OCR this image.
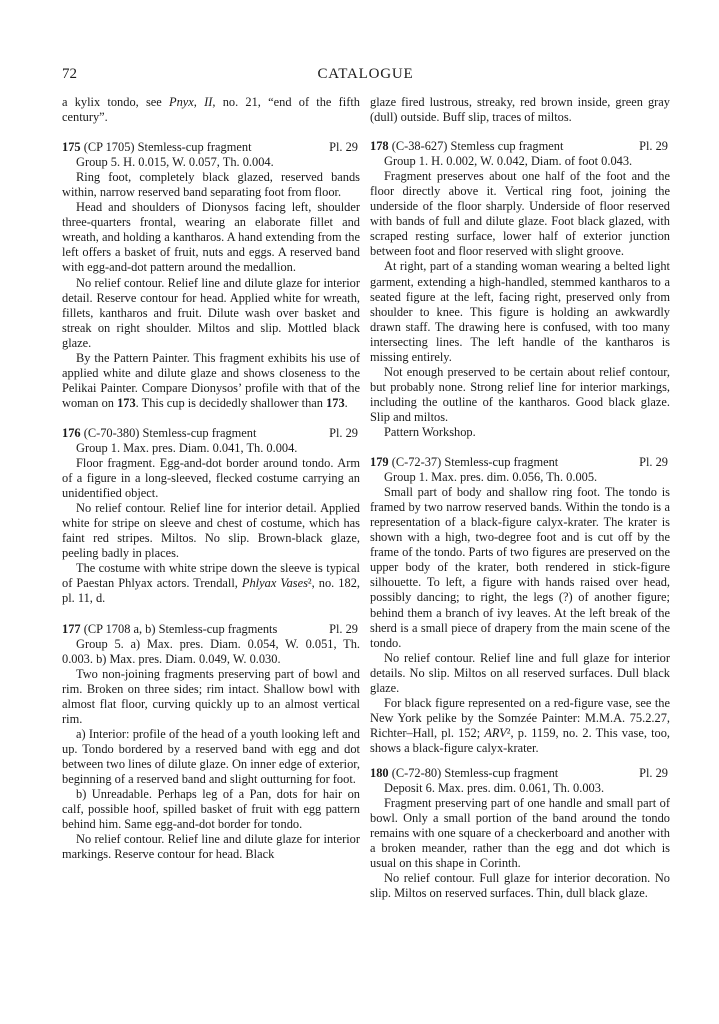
72	CATALOGUE

a kylix tondo, see Pnyx, II, no. 21, “end of the fifth century”.

175 (CP 1705) Stemless-cup fragment	Pl. 29

Group 5. H. 0.015, W. 0.057, Th. 0.004.

Ring foot, completely black glazed, reserved bands within, narrow reserved band separating foot from floor.

Head and shoulders of Dionysos facing left, shoulder three-quarters frontal, wearing an elaborate fillet and wreath, and holding a kantharos. A hand extending from the left offers a basket of fruit, nuts and eggs. A reserved band with egg-and-dot pattern around the medallion.

No relief contour. Relief line and dilute glaze for interior detail. Reserve contour for head. Applied white for wreath, fillets, kantharos and fruit. Dilute wash over basket and streak on right shoulder. Miltos and slip. Mottled black glaze.

By the Pattern Painter. This fragment exhibits his use of applied white and dilute glaze and shows closeness to the Pelikai Painter. Compare Dionysos’ profile with that of the woman on 173. This cup is decidedly shallower than 173.

176 (C-70-380) Stemless-cup fragment	Pl. 29

Group 1. Max. pres. Diam. 0.041, Th. 0.004.

Floor fragment. Egg-and-dot border around tondo. Arm of a figure in a long-sleeved, flecked costume carrying an unidentified object.

No relief contour. Relief line for interior detail. Applied white for stripe on sleeve and chest of costume, which has faint red stripes. Miltos. No slip. Brown-black glaze, peeling badly in places.

The costume with white stripe down the sleeve is typical of Paestan Phlyax actors. Trendall, Phlyax Vases², no. 182, pl. 11, d.

177 (CP 1708 a, b) Stemless-cup fragments	Pl. 29

Group 5. a) Max. pres. Diam. 0.054, W. 0.051, Th. 0.003. b) Max. pres. Diam. 0.049, W. 0.030.

Two non-joining fragments preserving part of bowl and rim. Broken on three sides; rim intact. Shallow bowl with almost flat floor, curving quickly up to an almost vertical rim.

a) Interior: profile of the head of a youth looking left and up. Tondo bordered by a reserved band with egg and dot between two lines of dilute glaze. On inner edge of exterior, beginning of a reserved band and slight outturning for foot.

b) Unreadable. Perhaps leg of a Pan, dots for hair on calf, possible hoof, spilled basket of fruit with egg pattern behind him. Same egg-and-dot border for tondo.

No relief contour. Relief line and dilute glaze for interior markings. Reserve contour for head. Black

glaze fired lustrous, streaky, red brown inside, green gray (dull) outside. Buff slip, traces of miltos.

178 (C-38-627) Stemless cup fragment	Pl. 29

Group 1. H. 0.002, W. 0.042, Diam. of foot 0.043.

Fragment preserves about one half of the foot and the floor directly above it. Vertical ring foot, joining the underside of the floor sharply. Underside of floor reserved with bands of full and dilute glaze. Foot black glazed, with scraped resting surface, lower half of exterior junction between foot and floor reserved with slight groove.

At right, part of a standing woman wearing a belted light garment, extending a high-handled, stemmed kantharos to a seated figure at the left, facing right, preserved only from shoulder to knee. This figure is holding an awkwardly drawn staff. The drawing here is confused, with too many intersecting lines. The left handle of the kantharos is missing entirely.

Not enough preserved to be certain about relief contour, but probably none. Strong relief line for interior markings, including the outline of the kantharos. Good black glaze. Slip and miltos.

Pattern Workshop.

179 (C-72-37) Stemless-cup fragment	Pl. 29

Group 1. Max. pres. dim. 0.056, Th. 0.005.

Small part of body and shallow ring foot. The tondo is framed by two narrow reserved bands. Within the tondo is a representation of a black-figure calyx-krater. The krater is shown with a high, two-degree foot and is cut off by the frame of the tondo. Parts of two figures are preserved on the upper body of the krater, both rendered in stick-figure silhouette. To left, a figure with hands raised over head, possibly dancing; to right, the legs (?) of another figure; behind them a branch of ivy leaves. At the left break of the sherd is a small piece of drapery from the main scene of the tondo.

No relief contour. Relief line and full glaze for interior details. No slip. Miltos on all reserved surfaces. Dull black glaze.

For black figure represented on a red-figure vase, see the New York pelike by the Somzée Painter: M.M.A. 75.2.27, Richter–Hall, pl. 152; ARV², p. 1159, no. 2. This vase, too, shows a black-figure calyx-krater.

180 (C-72-80) Stemless-cup fragment	Pl. 29

Deposit 6. Max. pres. dim. 0.061, Th. 0.003.

Fragment preserving part of one handle and small part of bowl. Only a small portion of the band around the tondo remains with one square of a checkerboard and another with a broken meander, rather than the egg and dot which is usual on this shape in Corinth.

No relief contour. Full glaze for interior decoration. No slip. Miltos on reserved surfaces. Thin, dull black glaze.
